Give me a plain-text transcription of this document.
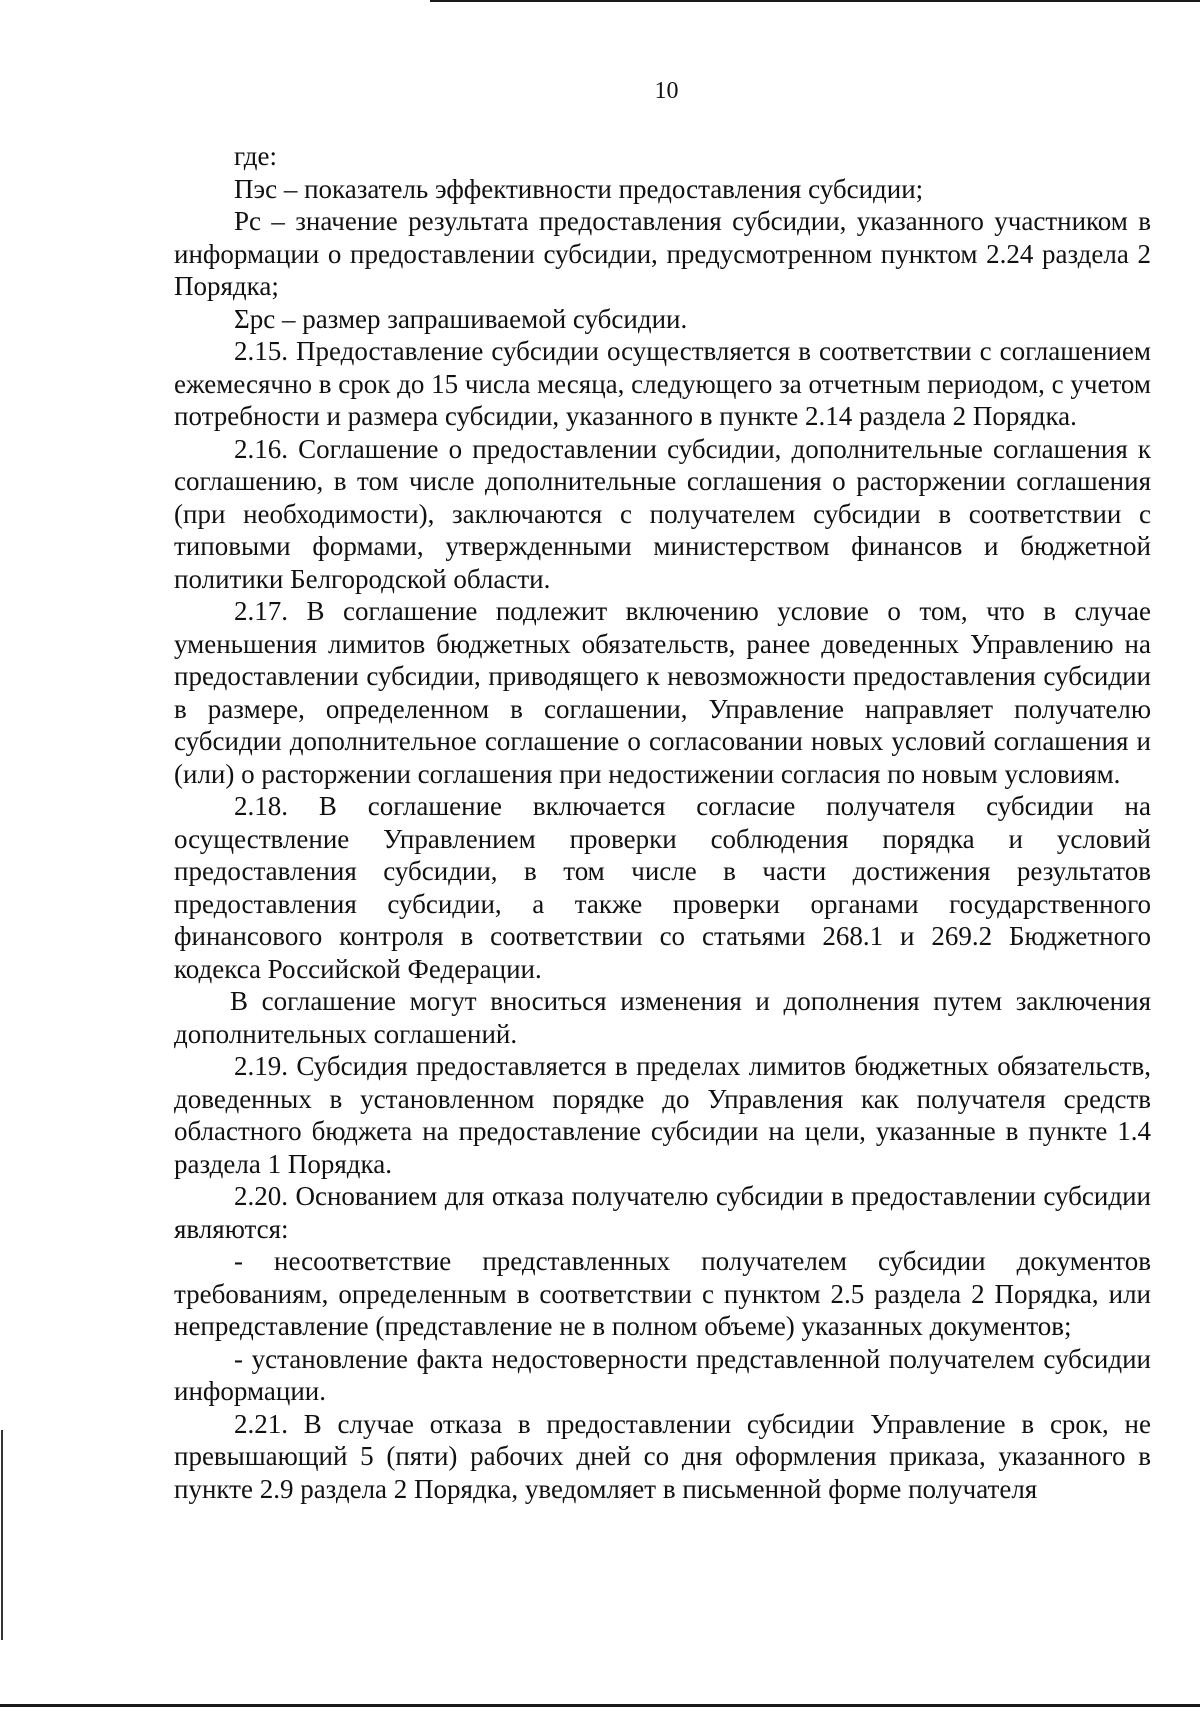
10

где:

Пэс – показатель эффективности предоставления субсидии;

Рс – значение результата предоставления субсидии, указанного участником в информации о предоставлении субсидии, предусмотренном пунктом 2.24 раздела 2 Порядка;

Σрс – размер запрашиваемой субсидии.

2.15. Предоставление субсидии осуществляется в соответствии с соглашением ежемесячно в срок до 15 числа месяца, следующего за отчетным периодом, с учетом потребности и размера субсидии, указанного в пункте 2.14 раздела 2 Порядка.

2.16. Соглашение о предоставлении субсидии, дополнительные соглашения к соглашению, в том числе дополнительные соглашения о расторжении соглашения (при необходимости), заключаются с получателем субсидии в соответствии с типовыми формами, утвержденными министерством финансов и бюджетной политики Белгородской области.

2.17. В соглашение подлежит включению условие о том, что в случае уменьшения лимитов бюджетных обязательств, ранее доведенных Управлению на предоставлении субсидии, приводящего к невозможности предоставления субсидии в размере, определенном в соглашении, Управление направляет получателю субсидии дополнительное соглашение о согласовании новых условий соглашения и (или) о расторжении соглашения при недостижении согласия по новым условиям.

2.18. В соглашение включается согласие получателя субсидии на осуществление Управлением проверки соблюдения порядка и условий предоставления субсидии, в том числе в части достижения результатов предоставления субсидии, а также проверки органами государственного финансового контроля в соответствии со статьями 268.1 и 269.2 Бюджетного кодекса Российской Федерации.

В соглашение могут вноситься изменения и дополнения путем заключения дополнительных соглашений.

2.19. Субсидия предоставляется в пределах лимитов бюджетных обязательств, доведенных в установленном порядке до Управления как получателя средств областного бюджета на предоставление субсидии на цели, указанные в пункте 1.4 раздела 1 Порядка.

2.20. Основанием для отказа получателю субсидии в предоставлении субсидии являются:

- несоответствие представленных получателем субсидии документов требованиям, определенным в соответствии с пунктом 2.5 раздела 2 Порядка, или непредставление (представление не в полном объеме) указанных документов;

- установление факта недостоверности представленной получателем субсидии информации.

2.21. В случае отказа в предоставлении субсидии Управление в срок, не превышающий 5 (пяти) рабочих дней со дня оформления приказа, указанного в пункте 2.9 раздела 2 Порядка, уведомляет в письменной форме получателя
